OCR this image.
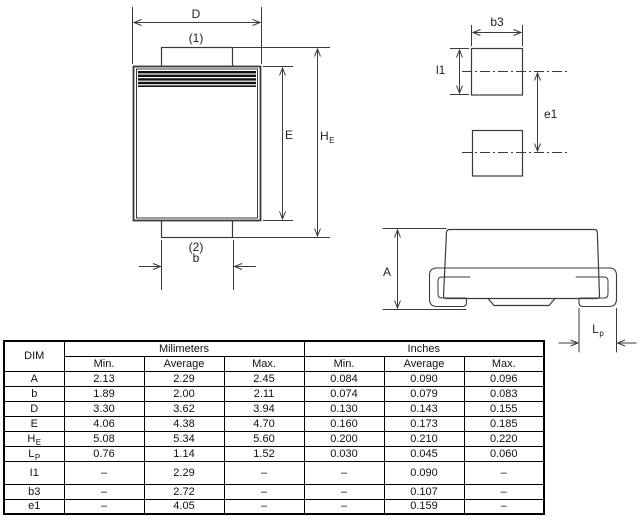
D
(1)
E $H_E$
(2)
b
b3
l1
e1
A
$L_p$
DIM	Milimeters			Inches		
	Min.	Average	Max.	Min.	Average	Max.
A	2.13	2.29	2.45	0.084	0.090	0.096
b	1.89	2.00	2.11	0.074	0.079	0.083
D	3.30	3.62	3.94	0.130	0.143	0.155
E	4.06	4.38	4.70	0.160	0.173	0.185
$H_E$	5.08	5.34	5.60	0.200	0.210	0.220
$L_P$	0.76	1.14	1.52	0.030	0.045	0.060
I1	–	2.29	–	–	0.090	–
b3	–	2.72	–	–	0.107	–
e1	–	4.05	–	–	0.159	–
